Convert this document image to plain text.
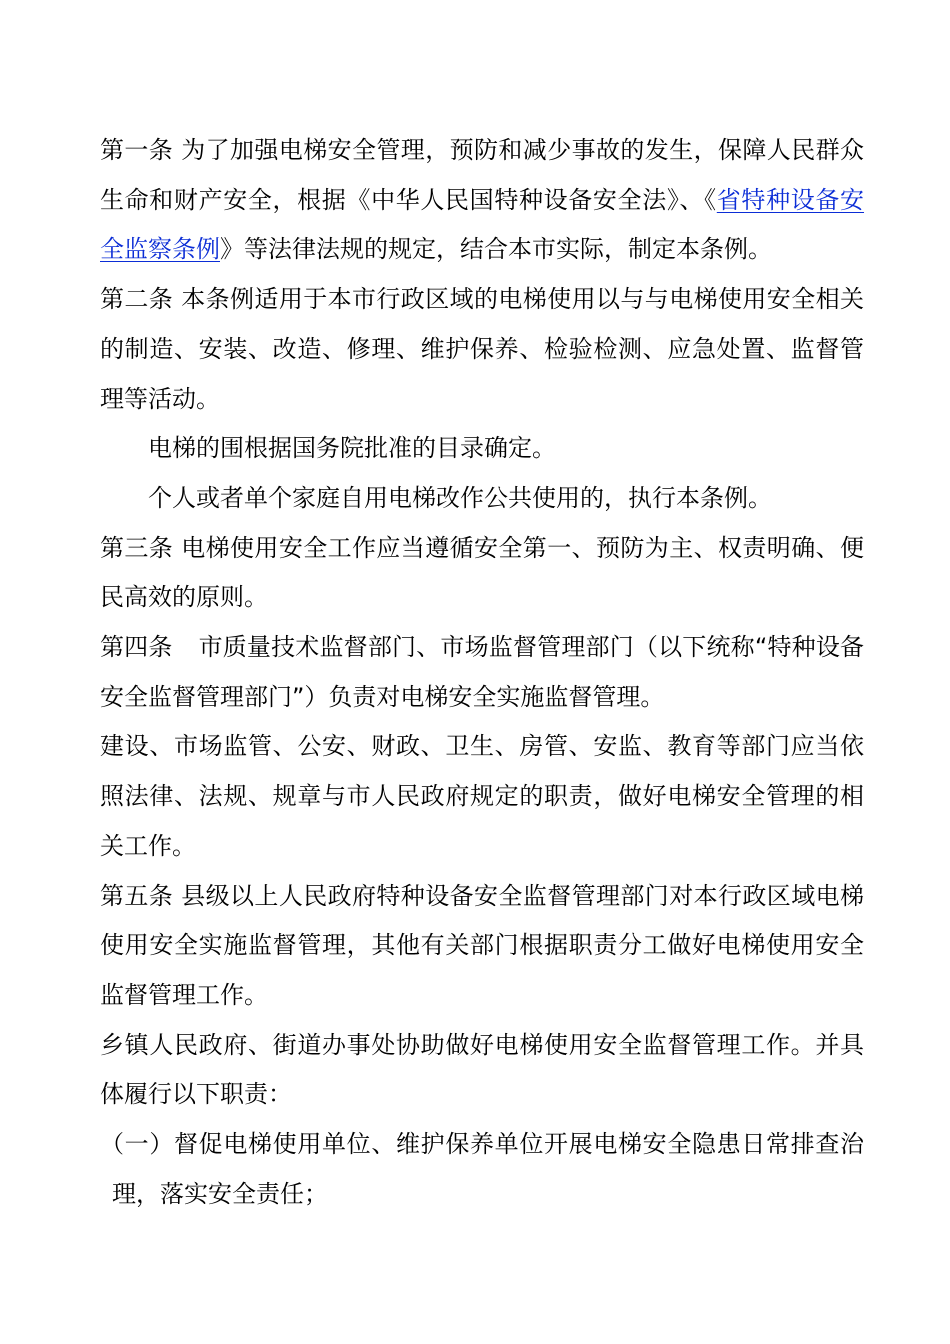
第一条 为了加强电梯安全管理，预防和减少事故的发生，保障人民群众生命和财产安全，根据《中华人民国特种设备安全法》、《省特种设备安全监察条例》等法律法规的规定，结合本市实际，制定本条例。

第二条 本条例适用于本市行政区域的电梯使用以与与电梯使用安全相关的制造、安装、改造、修理、维护保养、检验检测、应急处置、监督管理等活动。

电梯的围根据国务院批准的目录确定。

个人或者单个家庭自用电梯改作公共使用的，执行本条例。

第三条 电梯使用安全工作应当遵循安全第一、预防为主、权责明确、便民高效的原则。

第四条 市质量技术监督部门、市场监督管理部门（以下统称“特种设备安全监督管理部门”）负责对电梯安全实施监督管理。

建设、市场监管、公安、财政、卫生、房管、安监、教育等部门应当依照法律、法规、规章与市人民政府规定的职责，做好电梯安全管理的相关工作。

第五条 县级以上人民政府特种设备安全监督管理部门对本行政区域电梯使用安全实施监督管理，其他有关部门根据职责分工做好电梯使用安全监督管理工作。

乡镇人民政府、街道办事处协助做好电梯使用安全监督管理工作。并具体履行以下职责：

（一）督促电梯使用单位、维护保养单位开展电梯安全隐患日常排查治理，落实安全责任；
